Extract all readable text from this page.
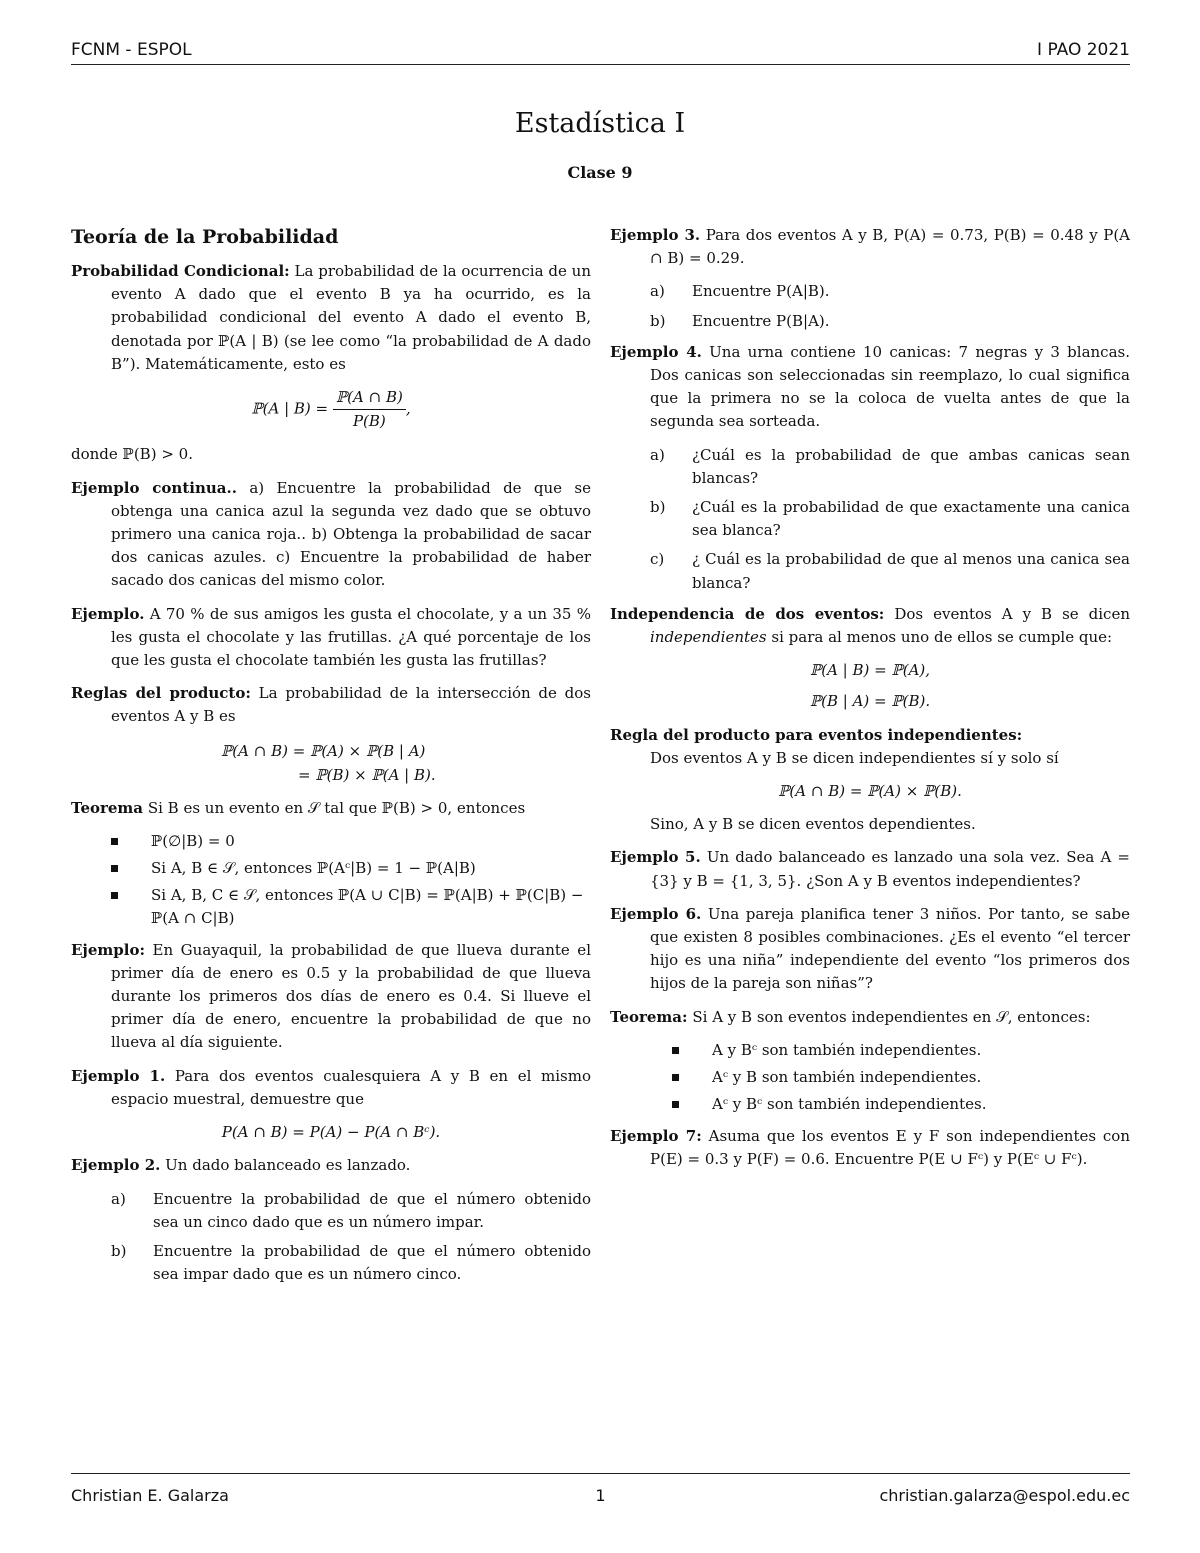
FCNM - ESPOL	I PAO 2021
Estadística I
Clase 9
Teoría de la Probabilidad
Probabilidad Condicional: La probabilidad de la ocurrencia de un evento A dado que el evento B ya ha ocurrido, es la probabilidad condicional del evento A dado el evento B, denotada por ℙ(A | B) (se lee como “la probabilidad de A dado B”). Matemáticamente, esto es
ℙ(A | $B) = \frac{\text{ℙ(A ∩ B)}}{P(B)}$ ,
donde ℙ(B) > 0.
Ejemplo continua.. a) Encuentre la probabilidad de que se obtenga una canica azul la segunda vez dado que se obtuvo primero una canica roja.. b) Obtenga la probabilidad de sacar dos canicas azules. c) Encuentre la probabilidad de haber sacado dos canicas del mismo color.
Ejemplo. A 70 % de sus amigos les gusta el chocolate, y a un 35 % les gusta el chocolate y las frutillas. ¿A qué porcentaje de los que les gusta el chocolate también les gusta las frutillas?
Reglas del producto: La probabilidad de la intersección de dos eventos A y B es
ℙ(A ∩ B) = ℙ(A) × ℙ(B | A)
= ℙ(B) × ℙ(A | B).
Teorema Si B es un evento en 𝒮 tal que ℙ(B) > 0, entonces
ℙ(∅|B) = 0
Si A, B ∈ 𝒮, entonces ℙ(Aᶜ|B) = 1 − ℙ(A|B)
Si A, B, C ∈ 𝒮, entonces ℙ(A ∪ C|B) = ℙ(A|B) + ℙ(C|B) − ℙ(A ∩ C|B)
Ejemplo: En Guayaquil, la probabilidad de que llueva durante el primer día de enero es 0.5 y la probabilidad de que llueva durante los primeros dos días de enero es 0.4. Si llueve el primer día de enero, encuentre la probabilidad de que no llueva al día siguiente.
Ejemplo 1. Para dos eventos cualesquiera A y B en el mismo espacio muestral, demuestre que
P(A ∩ B) = P(A) − P(A ∩ Bᶜ).
Ejemplo 2. Un dado balanceado es lanzado.
a) Encuentre la probabilidad de que el número obtenido sea un cinco dado que es un número impar.
b) Encuentre la probabilidad de que el número obtenido sea impar dado que es un número cinco.
Ejemplo 3. Para dos eventos A y B, P(A) = 0.73, P(B) = 0.48 y P(A ∩ B) = 0.29.
a) Encuentre P(A|B).
b) Encuentre P(B|A).
Ejemplo 4. Una urna contiene 10 canicas: 7 negras y 3 blancas. Dos canicas son seleccionadas sin reemplazo, lo cual significa que la primera no se la coloca de vuelta antes de que la segunda sea sorteada.
a) ¿Cuál es la probabilidad de que ambas canicas sean blancas?
b) ¿Cuál es la probabilidad de que exactamente una canica sea blanca?
c) ¿ Cuál es la probabilidad de que al menos una canica sea blanca?
Independencia de dos eventos: Dos eventos A y B se dicen independientes si para al menos uno de ellos se cumple que:
ℙ(A | B) = ℙ(A),
ℙ(B | A) = ℙ(B).
Regla del producto para eventos independientes:
Dos eventos A y B se dicen independientes sí y solo sí
ℙ(A ∩ B) = ℙ(A) × ℙ(B).
Sino, A y B se dicen eventos dependientes.
Ejemplo 5. Un dado balanceado es lanzado una sola vez. Sea A = {3} y B = {1, 3, 5}. ¿Son A y B eventos independientes?
Ejemplo 6. Una pareja planifica tener 3 niños. Por tanto, se sabe que existen 8 posibles combinaciones. ¿Es el evento “el tercer hijo es una niña” independiente del evento “los primeros dos hijos de la pareja son niñas”?
Teorema: Si A y B son eventos independientes en 𝒮, entonces:
A y Bᶜ son también independientes.
Aᶜ y B son también independientes.
Aᶜ y Bᶜ son también independientes.
Ejemplo 7: Asuma que los eventos E y F son independientes con P(E) = 0.3 y P(F) = 0.6. Encuentre P(E ∪ Fᶜ) y P(Eᶜ ∪ Fᶜ).
Christian E. Galarza	1	christian.galarza@espol.edu.ec
